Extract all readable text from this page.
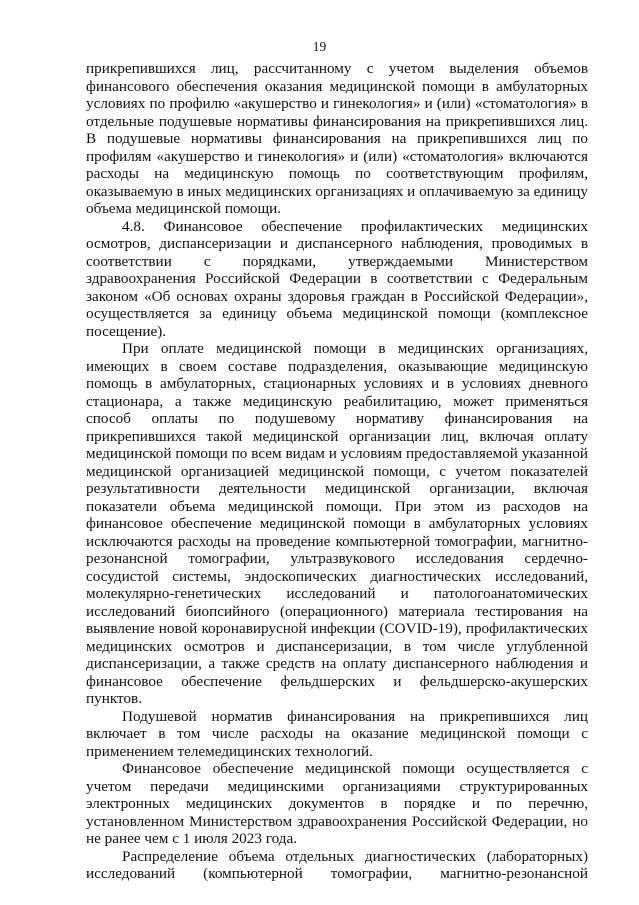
19

прикрепившихся лиц, рассчитанному с учетом выделения объемов финансового обеспечения оказания медицинской помощи в амбулаторных условиях по профилю «акушерство и гинекология» и (или) «стоматология» в отдельные подушевые нормативы финансирования на прикрепившихся лиц. В подушевые нормативы финансирования на прикрепившихся лиц по профилям «акушерство и гинекология» и (или) «стоматология» включаются расходы на медицинскую помощь по соответствующим профилям, оказываемую в иных медицинских организациях и оплачиваемую за единицу объема медицинской помощи.

4.8. Финансовое обеспечение профилактических медицинских осмотров, диспансеризации и диспансерного наблюдения, проводимых в соответствии с порядками, утверждаемыми Министерством здравоохранения Российской Федерации в соответствии с Федеральным законом «Об основах охраны здоровья граждан в Российской Федерации», осуществляется за единицу объема медицинской помощи (комплексное посещение).

При оплате медицинской помощи в медицинских организациях, имеющих в своем составе подразделения, оказывающие медицинскую помощь в амбулаторных, стационарных условиях и в условиях дневного стационара, а также медицинскую реабилитацию, может применяться способ оплаты по подушевому нормативу финансирования на прикрепившихся такой медицинской организации лиц, включая оплату медицинской помощи по всем видам и условиям предоставляемой указанной медицинской организацией медицинской помощи, с учетом показателей результативности деятельности медицинской организации, включая показатели объема медицинской помощи. При этом из расходов на финансовое обеспечение медицинской помощи в амбулаторных условиях исключаются расходы на проведение компьютерной томографии, магнитно-резонансной томографии, ультразвукового исследования сердечно-сосудистой системы, эндоскопических диагностических исследований, молекулярно-генетических исследований и патологоанатомических исследований биопсийного (операционного) материала тестирования на выявление новой коронавирусной инфекции (COVID-19), профилактических медицинских осмотров и диспансеризации, в том числе углубленной диспансеризации, а также средств на оплату диспансерного наблюдения и финансовое обеспечение фельдшерских и фельдшерско-акушерских пунктов.

Подушевой норматив финансирования на прикрепившихся лиц включает в том числе расходы на оказание медицинской помощи с применением телемедицинских технологий.

Финансовое обеспечение медицинской помощи осуществляется с учетом передачи медицинскими организациями структурированных электронных медицинских документов в порядке и по перечню, установленном Министерством здравоохранения Российской Федерации, но не ранее чем с 1 июля 2023 года.

Распределение объема отдельных диагностических (лабораторных) исследований (компьютерной томографии, магнитно-резонансной
